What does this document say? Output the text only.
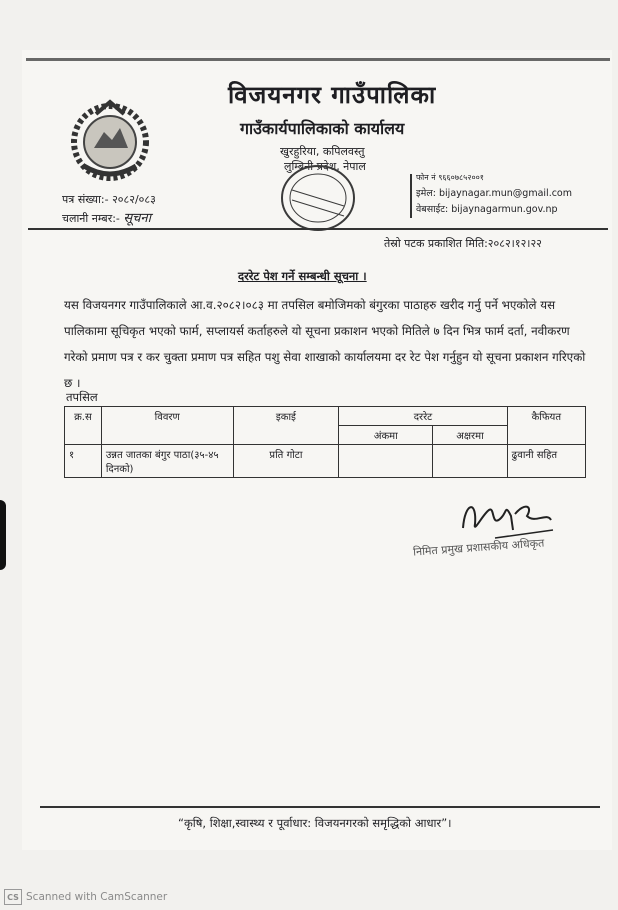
विजयनगर गाउँपालिका
गाउँकार्यपालिकाको कार्यालय
खुरहुरिया, कपिलवस्तु
लुम्बिनी प्रदेश, नेपाल
फोन नं ९६६०७८५२००१
इमेल: bijaynagar.mun@gmail.com
वेबसाईट: bijaynagarmun.gov.np
पत्र संख्या:- २०८२/०८३
चलानी नम्बर:- सूचना
तेस्रो पटक प्रकाशित मिति:२०८२।१२।२२
दररेट पेश गर्ने सम्बन्धी सूचना ।
यस विजयनगर गाउँपालिकाले आ.व.२०८२।०८३ मा तपसिल बमोजिमको बंगुरका पाठाहरु खरीद गर्नु पर्ने भएकोले यस पालिकामा सूचिकृत भएको फार्म, सप्लायर्स कर्ताहरुले यो सूचना प्रकाशन भएको मितिले ७ दिन भित्र फार्म दर्ता, नवीकरण गरेको प्रमाण पत्र र कर चुक्ता प्रमाण पत्र सहित पशु सेवा शाखाको कार्यालयमा दर रेट पेश गर्नुहुन यो सूचना प्रकाशन गरिएको छ ।
तपसिल
क्र.स	विवरण	इकाई	दररेट		कैफियत
			अंकमा	अक्षरमा	
१	उन्नत जातका बंगुर पाठा(३५-४५ दिनको)	प्रति गोटा			ढुवानी सहित
निमित प्रमुख प्रशासकीय अधिकृत
“कृषि, शिक्षा,स्वास्थ्य र पूर्वाधार: विजयनगरको समृद्धिको आधार”।
CS Scanned with CamScanner
